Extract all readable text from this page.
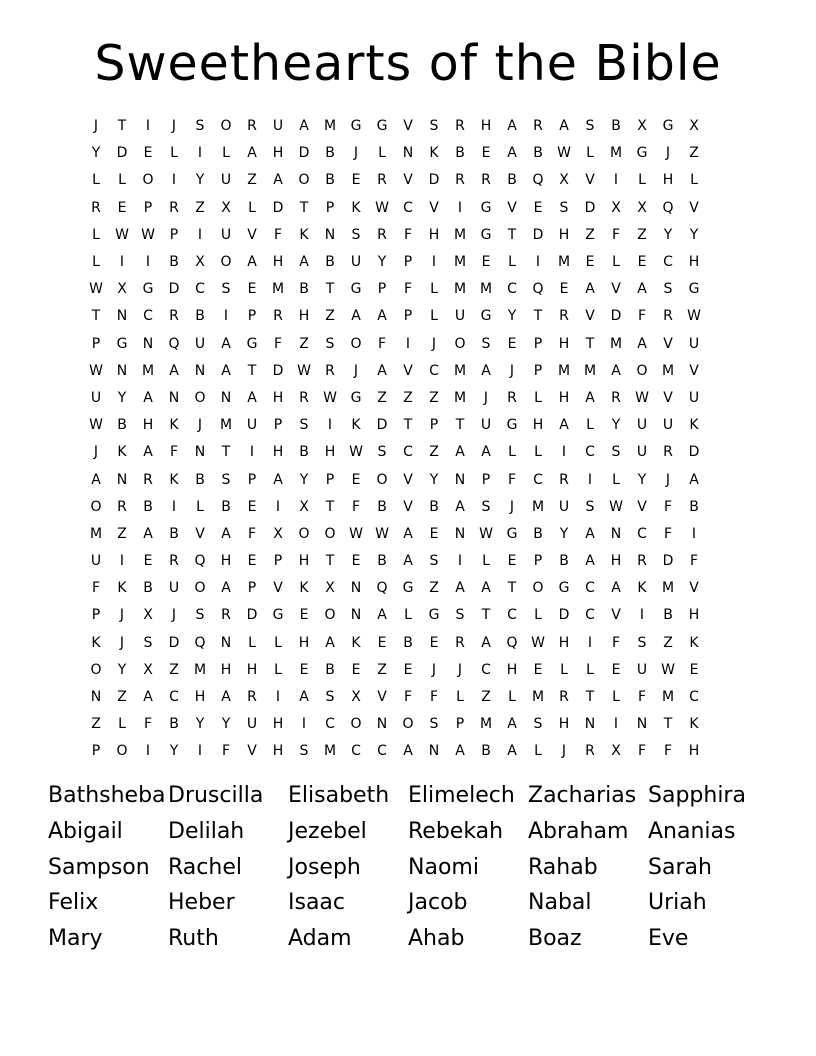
Sweethearts of the Bible
J	T	I	J	S	O	R	U	A	M	G	G	V	S	R	H	A	R	A	S	B	X	G	X
Y	D	E	L	I	L	A	H	D	B	J	L	N	K	B	E	A	B	W	L	M	G	J	Z
L	L	O	I	Y	U	Z	A	O	B	E	R	V	D	R	R	B	Q	X	V	I	L	H	L
R	E	P	R	Z	X	L	D	T	P	K	W	C	V	I	G	V	E	S	D	X	X	Q	V
L	W W	P	I	U	V	F	K	N	S	R	F	H	M	G	T	D	H	Z	F	Z	Y	Y
L	I	I	B	X	O	A	H	A	B	U	Y	P	I	M	E	L	I	M	E	L	E	C	H
W	X	G	D	C	S	E	M	B	T	G	P	F	L	M M	C	Q	E	A	V	A	S	G
T	N	C	R	B	I	P	R	H	Z	A	A	P	L	U	G	Y	T	R	V	D	F	R	W
P	G	N	Q	U	A	G	F	Z	S	O	F	I	J	O	S	E	P	H	T	M	A	V	U
W N	M	A	N	A	T	D W	R	J	A	V	C	M	A	J	P	M M	A	O	M	V
U	Y	A	N	O	N	A	H	R	W G	Z	Z	Z	M	J	R	L	H	A	R	W	V	U
W	B	H	K	J	M	U	P	S	I	K	D	T	P	T	U	G	H	A	L	Y	U	U	K
J	K	A	F	N	T	I	H	B	H W	S	C	Z	A	A	L	L	I	C	S	U	R	D
A	N	R	K	B	S	P	A	Y	P	E	O	V	Y	N	P	F	C	R	I	L	Y	J	A
O	R	B	I	L	B	E	I	X	T	F	B	V	B	A	S	J	M	U	S	W	V	F	B
M	Z	A	B	V	A	F	X	O	O W W	A	E	N W G	B	Y	A	N	C	F	I
U	I	E	R	Q	H	E	P	H	T	E	B	A	S	I	L	E	P	B	A	H	R	D	F
F	K	B	U	O	A	P	V	K	X	N	Q	G	Z	A	A	T	O	G	C	A	K	M	V
P	J	X	J	S	R	D	G	E	O	N	A	L	G	S	T	C	L	D	C	V	I	B	H
K	J	S	D	Q	N	L	L	H	A	K	E	B	E	R	A	Q W H	I	F	S	Z	K
O	Y	X	Z	M	H	H	L	E	B	E	Z	E	J	J	C	H	E	L	L	E	U W	E
N	Z	A	C	H	A	R	I	A	S	X	V	F	F	L	Z	L	M	R	T	L	F	M	C
Z	L	F	B	Y	Y	U	H	I	C	O	N	O	S	P	M	A	S	H	N	I	N	T	K
P	O	I	Y	I	F	V	H	S	M	C	C	A	N	A	B	A	L	J	R	X	F	F	H
Bathsheba Druscilla	Elisabeth Elimelech Zacharias Sapphira
Abigail	Delilah	Jezebel	Rebekah	Abraham Ananias
Sampson Rachel	Joseph	Naomi	Rahab	Sarah
Felix	Heber	Isaac	Jacob	Nabal	Uriah
Mary	Ruth	Adam	Ahab	Boaz	Eve
